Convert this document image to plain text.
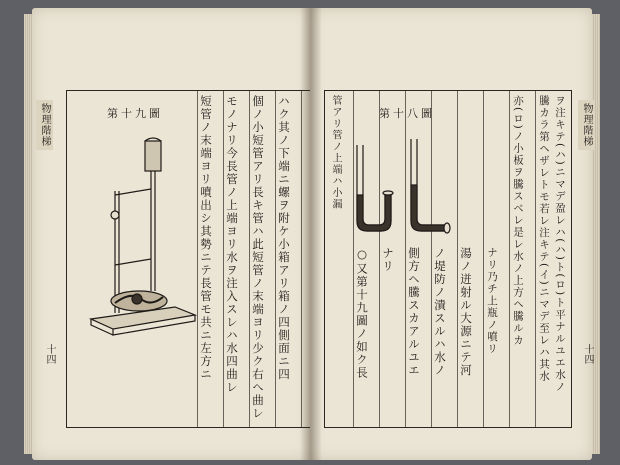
第十九圖	ハク其ノ下端ニ螺ヲ附ケ小箱アリ箱ノ四側面ニ四
個ノ小短管アリ長キ管ハ此短管ノ末端ヨリ少ク右へ曲レ
モノナリ今長管ノ上端ヨリ水ヲ注入スレハ水四曲レ
短管ノ末端ヨリ噴出シ其勢ニテ長管モ共ニ左方ニ
物理階梯
十四
第十八圖	ヲ注キテ(ハ)ニマデ盈レハ(ハ)ト(ロ)ト平ナルユエ水ノ
騰カラ第ヘザレトモ若レ注キテ(イ)ニマデ至レハ其水
亦(ロ)ノ小板ヲ騰スベレ是レ水ノ上方ヘ騰ルカ
ナリ乃チ上瓶ノ噴リ
湯ノ迸射ル大源ニテ河
ノ堤防ノ潰スルハ水ノ
側方ヘ騰スカアルユエ
ナリ
○又第十九圖ノ如ク長
管アリ管ノ上端ハ小漏	物理階梯
十四
